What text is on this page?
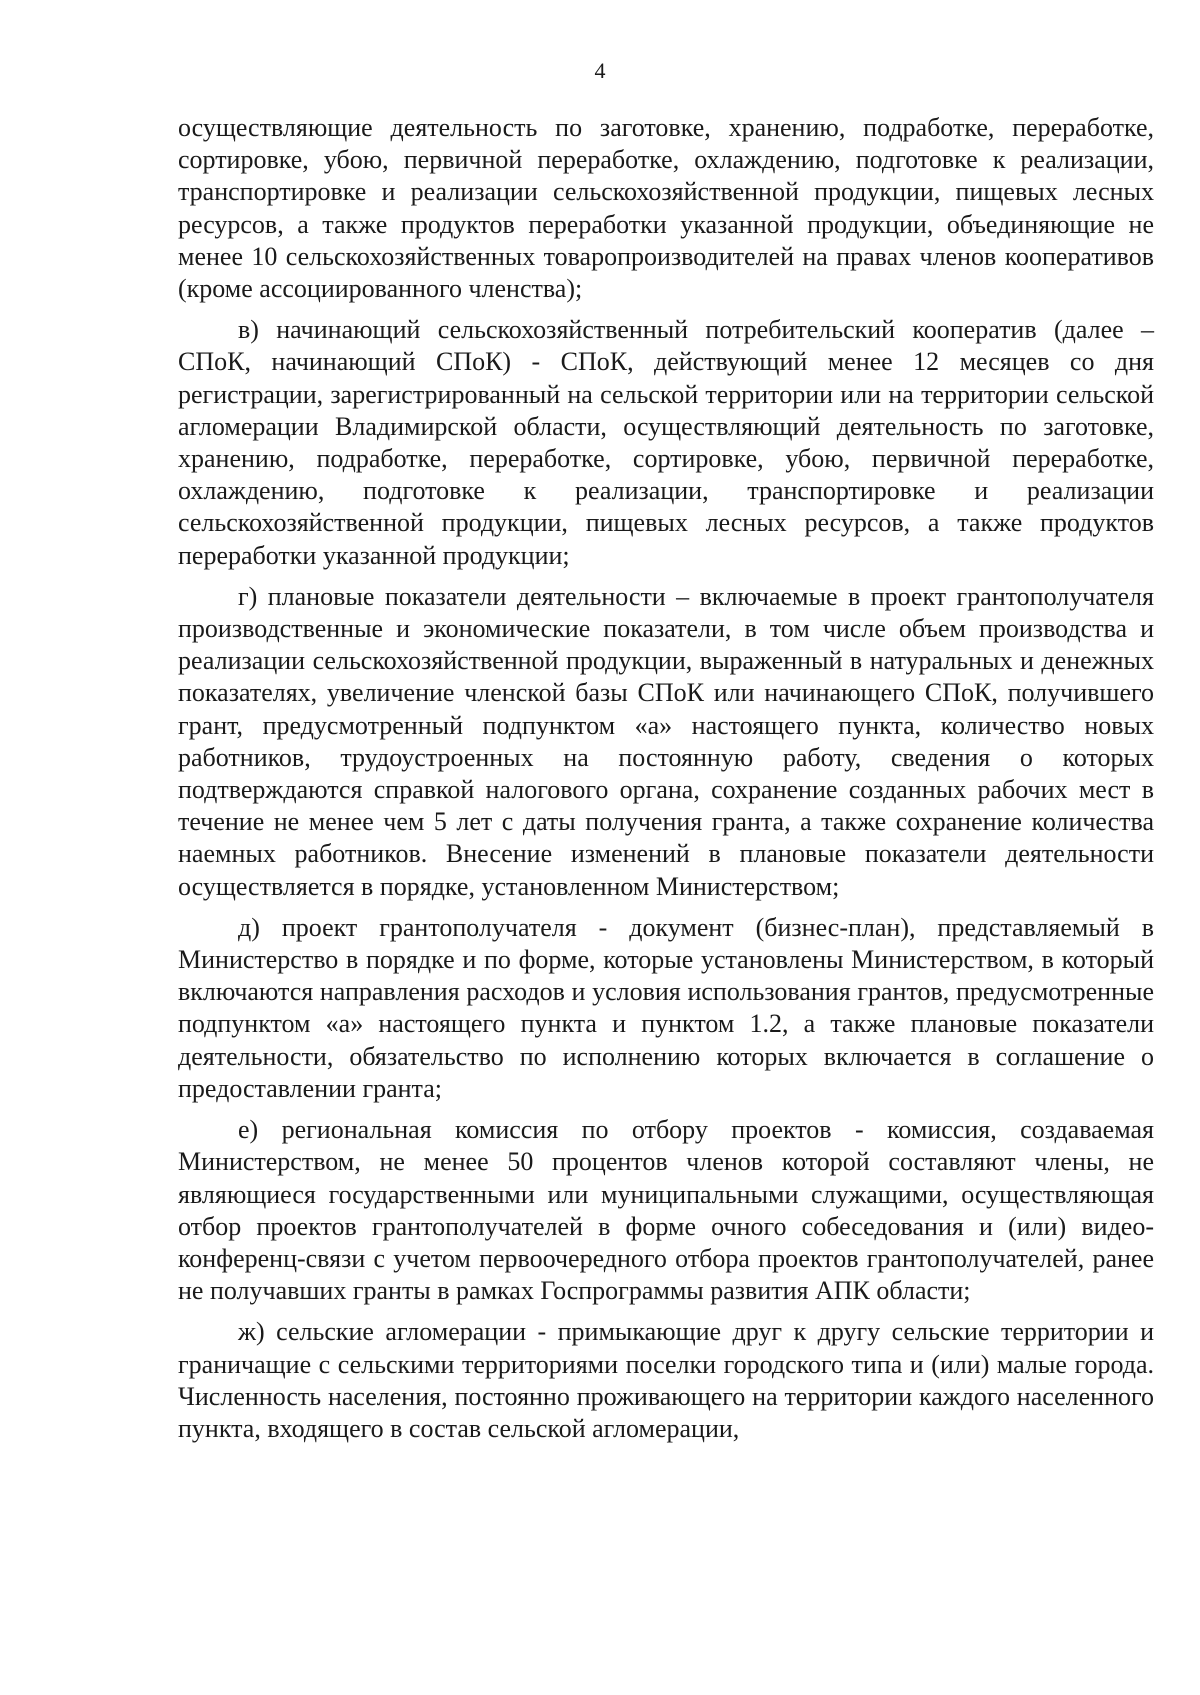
4

осуществляющие деятельность по заготовке, хранению, подработке, переработке, сортировке, убою, первичной переработке, охлаждению, подготовке к реализации, транспортировке и реализации сельскохозяйственной продукции, пищевых лесных ресурсов, а также продуктов переработки указанной продукции, объединяющие не менее 10 сельскохозяйственных товаропроизводителей на правах членов кооперативов (кроме ассоциированного членства);

в) начинающий сельскохозяйственный потребительский кооператив (далее – СПоК, начинающий СПоК) - СПоК, действующий менее 12 месяцев со дня регистрации, зарегистрированный на сельской территории или на территории сельской агломерации Владимирской области, осуществляющий деятельность по заготовке, хранению, подработке, переработке, сортировке, убою, первичной переработке, охлаждению, подготовке к реализации, транспортировке и реализации сельскохозяйственной продукции, пищевых лесных ресурсов, а также продуктов переработки указанной продукции;

г) плановые показатели деятельности – включаемые в проект грантополучателя производственные и экономические показатели, в том числе объем производства и реализации сельскохозяйственной продукции, выраженный в натуральных и денежных показателях, увеличение членской базы СПоК или начинающего СПоК, получившего грант, предусмотренный подпунктом «а» настоящего пункта, количество новых работников, трудоустроенных на постоянную работу, сведения о которых подтверждаются справкой налогового органа, сохранение созданных рабочих мест в течение не менее чем 5 лет с даты получения гранта, а также сохранение количества наемных работников. Внесение изменений в плановые показатели деятельности осуществляется в порядке, установленном Министерством;

д) проект грантополучателя - документ (бизнес-план), представляемый в Министерство в порядке и по форме, которые установлены Министерством, в который включаются направления расходов и условия использования грантов, предусмотренные подпунктом «а» настоящего пункта и пунктом 1.2, а также плановые показатели деятельности, обязательство по исполнению которых включается в соглашение о предоставлении гранта;

е) региональная комиссия по отбору проектов - комиссия, создаваемая Министерством, не менее 50 процентов членов которой составляют члены, не являющиеся государственными или муниципальными служащими, осуществляющая отбор проектов грантополучателей в форме очного собеседования и (или) видео-конференц-связи с учетом первоочередного отбора проектов грантополучателей, ранее не получавших гранты в рамках Госпрограммы развития АПК области;

ж) сельские агломерации - примыкающие друг к другу сельские территории и граничащие с сельскими территориями поселки городского типа и (или) малые города. Численность населения, постоянно проживающего на территории каждого населенного пункта, входящего в состав сельской агломерации,
